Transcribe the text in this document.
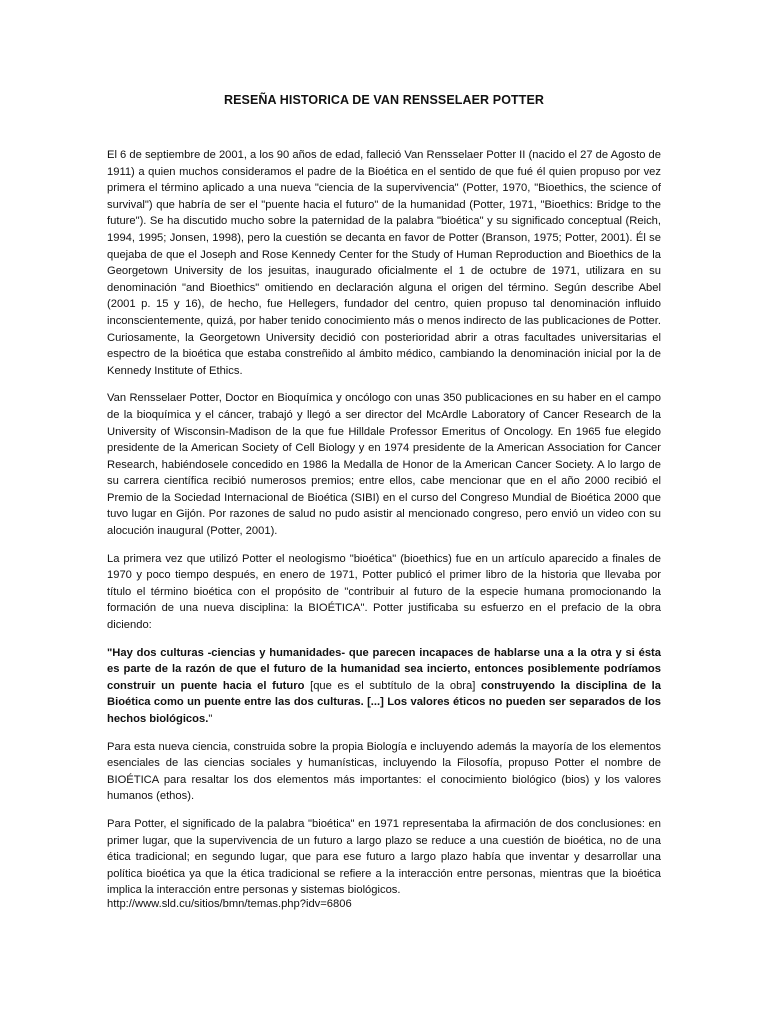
RESEÑA HISTORICA DE VAN RENSSELAER POTTER

El 6 de septiembre de 2001, a los 90 años de edad, falleció Van Rensselaer Potter II (nacido el 27 de Agosto de 1911) a quien muchos consideramos el padre de la Bioética en el sentido de que fué él quien propuso por vez primera el término aplicado a una nueva "ciencia de la supervivencia" (Potter, 1970, "Bioethics, the science of survival") que habría de ser el "puente hacia el futuro" de la humanidad (Potter, 1971, "Bioethics: Bridge to the future"). Se ha discutido mucho sobre la paternidad de la palabra "bioética" y su significado conceptual (Reich, 1994, 1995; Jonsen, 1998), pero la cuestión se decanta en favor de Potter (Branson, 1975; Potter, 2001). Él se quejaba de que el Joseph and Rose Kennedy Center for the Study of Human Reproduction and Bioethics de la Georgetown University de los jesuitas, inaugurado oficialmente el 1 de octubre de 1971, utilizara en su denominación "and Bioethics" omitiendo en declaración alguna el origen del término. Según describe Abel (2001 p. 15 y 16), de hecho, fue Hellegers, fundador del centro, quien propuso tal denominación influido inconscientemente, quizá, por haber tenido conocimiento más o menos indirecto de las publicaciones de Potter. Curiosamente, la Georgetown University decidió con posterioridad abrir a otras facultades universitarias el espectro de la bioética que estaba constreñido al ámbito médico, cambiando la denominación inicial por la de Kennedy Institute of Ethics.

Van Rensselaer Potter, Doctor en Bioquímica y oncólogo con unas 350 publicaciones en su haber en el campo de la bioquímica y el cáncer, trabajó y llegó a ser director del McArdle Laboratory of Cancer Research de la University of Wisconsin-Madison de la que fue Hilldale Professor Emeritus of Oncology. En 1965 fue elegido presidente de la American Society of Cell Biology y en 1974 presidente de la American Association for Cancer Research, habiéndosele concedido en 1986 la Medalla de Honor de la American Cancer Society. A lo largo de su carrera científica recibió numerosos premios; entre ellos, cabe mencionar que en el año 2000 recibió el Premio de la Sociedad Internacional de Bioética (SIBI) en el curso del Congreso Mundial de Bioética 2000 que tuvo lugar en Gijón. Por razones de salud no pudo asistir al mencionado congreso, pero envió un video con su alocución inaugural (Potter, 2001).

La primera vez que utilizó Potter el neologismo "bioética" (bioethics) fue en un artículo aparecido a finales de 1970 y poco tiempo después, en enero de 1971, Potter publicó el primer libro de la historia que llevaba por título el término bioética con el propósito de "contribuir al futuro de la especie humana promocionando la formación de una nueva disciplina: la BIOÉTICA". Potter justificaba su esfuerzo en el prefacio de la obra diciendo:

"Hay dos culturas -ciencias y humanidades- que parecen incapaces de hablarse una a la otra y si ésta es parte de la razón de que el futuro de la humanidad sea incierto, entonces posiblemente podríamos construir un puente hacia el futuro [que es el subtítulo de la obra] construyendo la disciplina de la Bioética como un puente entre las dos culturas. [...] Los valores éticos no pueden ser separados de los hechos biológicos."

Para esta nueva ciencia, construida sobre la propia Biología e incluyendo además la mayoría de los elementos esenciales de las ciencias sociales y humanísticas, incluyendo la Filosofía, propuso Potter el nombre de BIOÉTICA para resaltar los dos elementos más importantes: el conocimiento biológico (bios) y los valores humanos (ethos).

Para Potter, el significado de la palabra "bioética" en 1971 representaba la afirmación de dos conclusiones: en primer lugar, que la supervivencia de un futuro a largo plazo se reduce a una cuestión de bioética, no de una ética tradicional; en segundo lugar, que para ese futuro a largo plazo había que inventar y desarrollar una política bioética ya que la ética tradicional se refiere a la interacción entre personas, mientras que la bioética implica la interacción entre personas y sistemas biológicos.

http://www.sld.cu/sitios/bmn/temas.php?idv=6806
